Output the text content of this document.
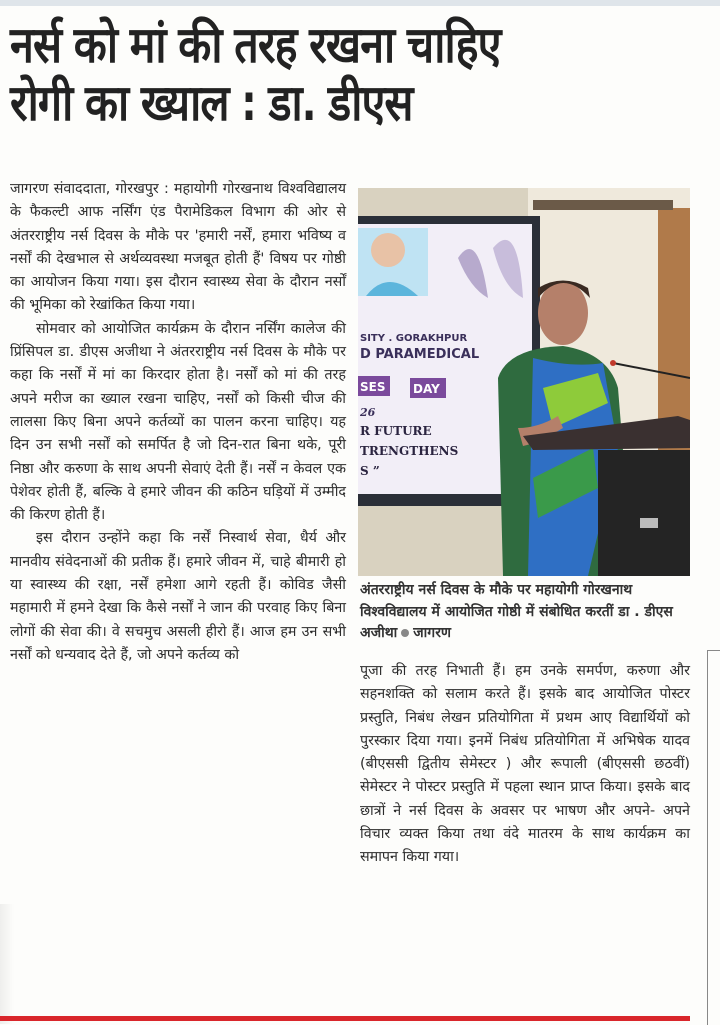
नर्स को मां की तरह रखना चाहिए
रोगी का ख्याल : डा. डीएस

जागरण संवाददाता, गोरखपुर : महायोगी गोरखनाथ विश्वविद्यालय के फैकल्टी आफ नर्सिंग एंड पैरामेडिकल विभाग की ओर से अंतरराष्ट्रीय नर्स दिवस के मौके पर 'हमारी नर्सें, हमारा भविष्य व नर्सों की देखभाल से अर्थव्यवस्था मजबूत होती हैं' विषय पर गोष्ठी का आयोजन किया गया। इस दौरान स्वास्थ्य सेवा के दौरान नर्सों की भूमिका को रेखांकित किया गया।

सोमवार को आयोजित कार्यक्रम के दौरान नर्सिंग कालेज की प्रिंसिपल डा. डीएस अजीथा ने अंतरराष्ट्रीय नर्स दिवस के मौके पर कहा कि नर्सों में मां का किरदार होता है। नर्सों को मां की तरह अपने मरीज का ख्याल रखना चाहिए, नर्सों को किसी चीज की लालसा किए बिना अपने कर्तव्यों का पालन करना चाहिए। यह दिन उन सभी नर्सों को समर्पित है जो दिन-रात बिना थके, पूरी निष्ठा और करुणा के साथ अपनी सेवाएं देती हैं। नर्सें न केवल एक पेशेवर होती हैं, बल्कि वे हमारे जीवन की कठिन घड़ियों में उम्मीद की किरण होती हैं।

इस दौरान उन्होंने कहा कि नर्सें निस्वार्थ सेवा, धैर्य और मानवीय संवेदनाओं की प्रतीक हैं। हमारे जीवन में, चाहे बीमारी हो या स्वास्थ्य की रक्षा, नर्सें हमेशा आगे रहती हैं। कोविड जैसी महामारी में हमने देखा कि कैसे नर्सों ने जान की परवाह किए बिना लोगों की सेवा की। वे सचमुच असली हीरो हैं। आज हम उन सभी नर्सों को धन्यवाद देते हैं, जो अपने कर्तव्य को

SITY . GORAKHPUR
D PARAMEDICAL
SES DAY
26
R FUTURE
TRENGTHENS
S ”
अंतरराष्ट्रीय नर्स दिवस के मौके पर महायोगी गोरखनाथ विश्वविद्यालय में आयोजित गोष्ठी में संबोधित करतीं डा . डीएस अजीथा जागरण

पूजा की तरह निभाती हैं। हम उनके समर्पण, करुणा और सहनशक्ति को सलाम करते हैं। इसके बाद आयोजित पोस्टर प्रस्तुति, निबंध लेखन प्रतियोगिता में प्रथम आए विद्यार्थियों को पुरस्कार दिया गया। इनमें निबंध प्रतियोगिता में अभिषेक यादव (बीएससी द्वितीय सेमेस्टर ) और रूपाली (बीएससी छठवीं) सेमेस्टर ने पोस्टर प्रस्तुति में पहला स्थान प्राप्त किया। इसके बाद छात्रों ने नर्स दिवस के अवसर पर भाषण और अपने- अपने विचार व्यक्त किया तथा वंदे मातरम के साथ कार्यक्रम का समापन किया गया।
